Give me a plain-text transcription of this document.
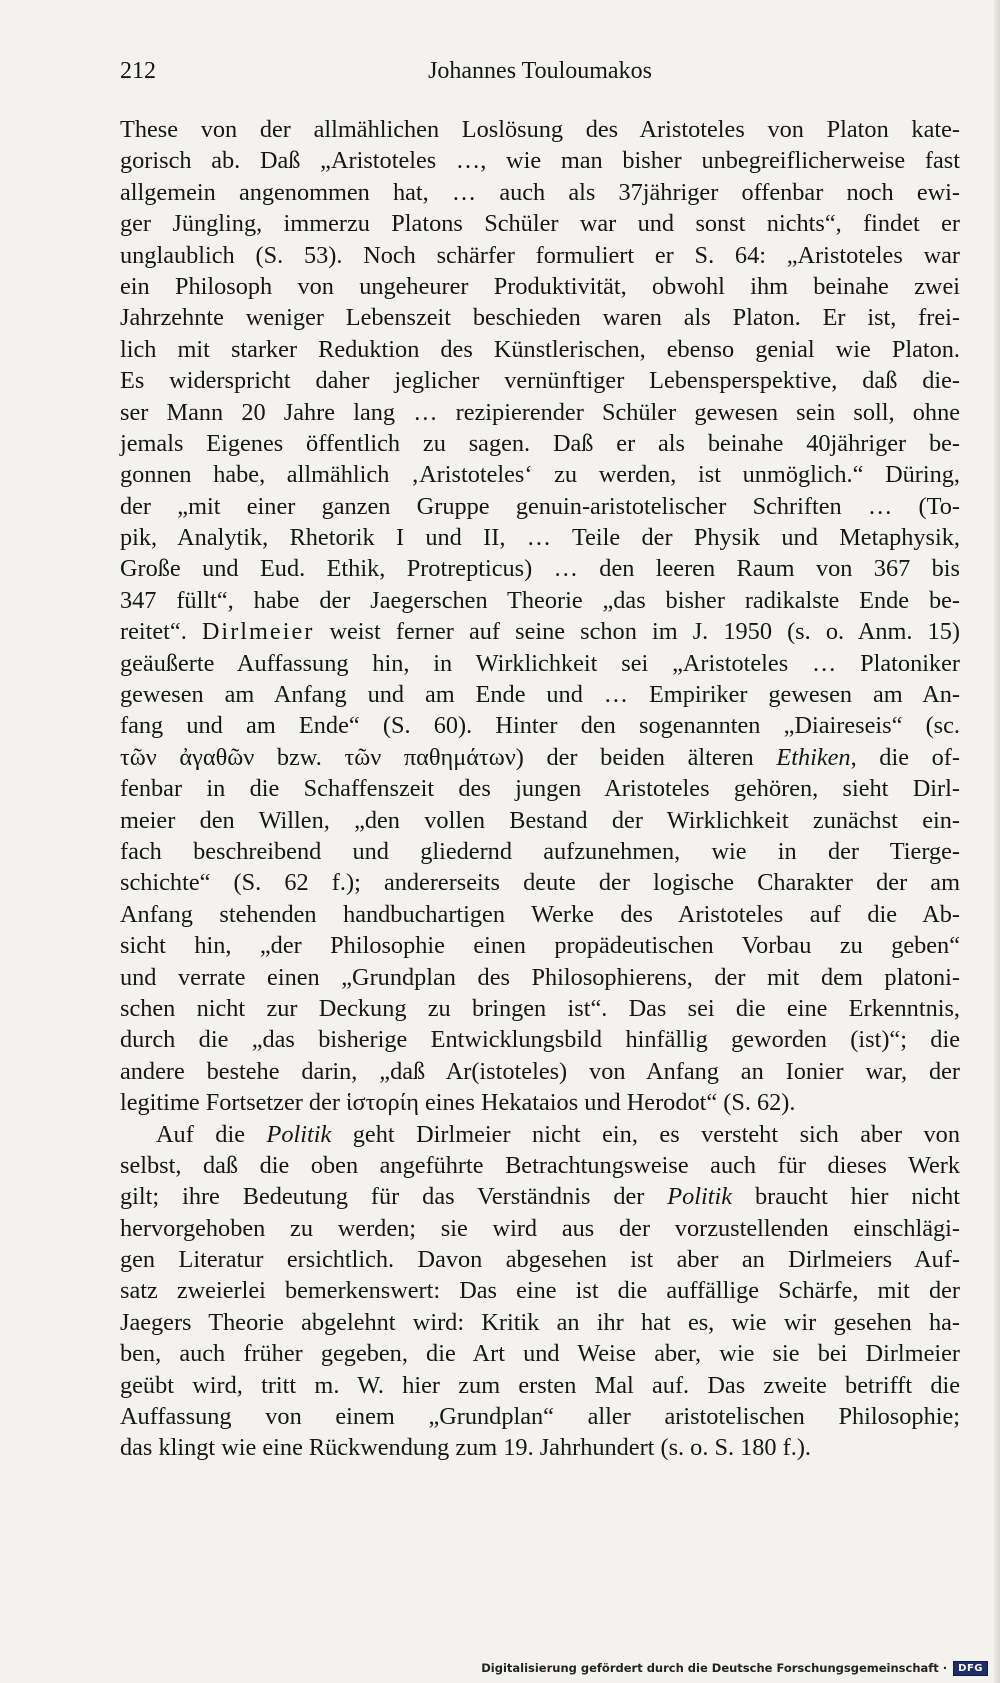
212	Johannes Touloumakos
These von der allmählichen Loslösung des Aristoteles von Platon kate-
gorisch ab. Daß „Aristoteles …, wie man bisher unbegreiflicherweise fast
allgemein angenommen hat, … auch als 37jähriger offenbar noch ewi-
ger Jüngling, immerzu Platons Schüler war und sonst nichts“, findet er
unglaublich (S. 53). Noch schärfer formuliert er S. 64: „Aristoteles war
ein Philosoph von ungeheurer Produktivität, obwohl ihm beinahe zwei
Jahrzehnte weniger Lebenszeit beschieden waren als Platon. Er ist, frei-
lich mit starker Reduktion des Künstlerischen, ebenso genial wie Platon.
Es widerspricht daher jeglicher vernünftiger Lebensperspektive, daß die-
ser Mann 20 Jahre lang … rezipierender Schüler gewesen sein soll, ohne
jemals Eigenes öffentlich zu sagen. Daß er als beinahe 40jähriger be-
gonnen habe, allmählich ‚Aristoteles‘ zu werden, ist unmöglich.“ Düring,
der „mit einer ganzen Gruppe genuin-aristotelischer Schriften … (To-
pik, Analytik, Rhetorik I und II, … Teile der Physik und Metaphysik,
Große und Eud. Ethik, Protrepticus) … den leeren Raum von 367 bis
347 füllt“, habe der Jaegerschen Theorie „das bisher radikalste Ende be-
reitet“. Dirlmeier weist ferner auf seine schon im J. 1950 (s. o. Anm. 15)
geäußerte Auffassung hin, in Wirklichkeit sei „Aristoteles … Platoniker
gewesen am Anfang und am Ende und … Empiriker gewesen am An-
fang und am Ende“ (S. 60). Hinter den sogenannten „Diaireseis“ (sc.
τῶν ἀγαθῶν bzw. τῶν παθημάτων) der beiden älteren Ethiken, die of-
fenbar in die Schaffenszeit des jungen Aristoteles gehören, sieht Dirl-
meier den Willen, „den vollen Bestand der Wirklichkeit zunächst ein-
fach beschreibend und gliedernd aufzunehmen, wie in der Tierge-
schichte“ (S. 62 f.); andererseits deute der logische Charakter der am
Anfang stehenden handbuchartigen Werke des Aristoteles auf die Ab-
sicht hin, „der Philosophie einen propädeutischen Vorbau zu geben“
und verrate einen „Grundplan des Philosophierens, der mit dem platoni-
schen nicht zur Deckung zu bringen ist“. Das sei die eine Erkenntnis,
durch die „das bisherige Entwicklungsbild hinfällig geworden (ist)“; die
andere bestehe darin, „daß Ar(istoteles) von Anfang an Ionier war, der
legitime Fortsetzer der ἱστορίη eines Hekataios und Herodot“ (S. 62).
Auf die Politik geht Dirlmeier nicht ein, es versteht sich aber von
selbst, daß die oben angeführte Betrachtungsweise auch für dieses Werk
gilt; ihre Bedeutung für das Verständnis der Politik braucht hier nicht
hervorgehoben zu werden; sie wird aus der vorzustellenden einschlägi-
gen Literatur ersichtlich. Davon abgesehen ist aber an Dirlmeiers Auf-
satz zweierlei bemerkenswert: Das eine ist die auffällige Schärfe, mit der
Jaegers Theorie abgelehnt wird: Kritik an ihr hat es, wie wir gesehen ha-
ben, auch früher gegeben, die Art und Weise aber, wie sie bei Dirlmeier
geübt wird, tritt m. W. hier zum ersten Mal auf. Das zweite betrifft die
Auffassung von einem „Grundplan“ aller aristotelischen Philosophie;
das klingt wie eine Rückwendung zum 19. Jahrhundert (s. o. S. 180 f.).
Digitalisierung gefördert durch die Deutsche Forschungsgemeinschaft ·	DFG
